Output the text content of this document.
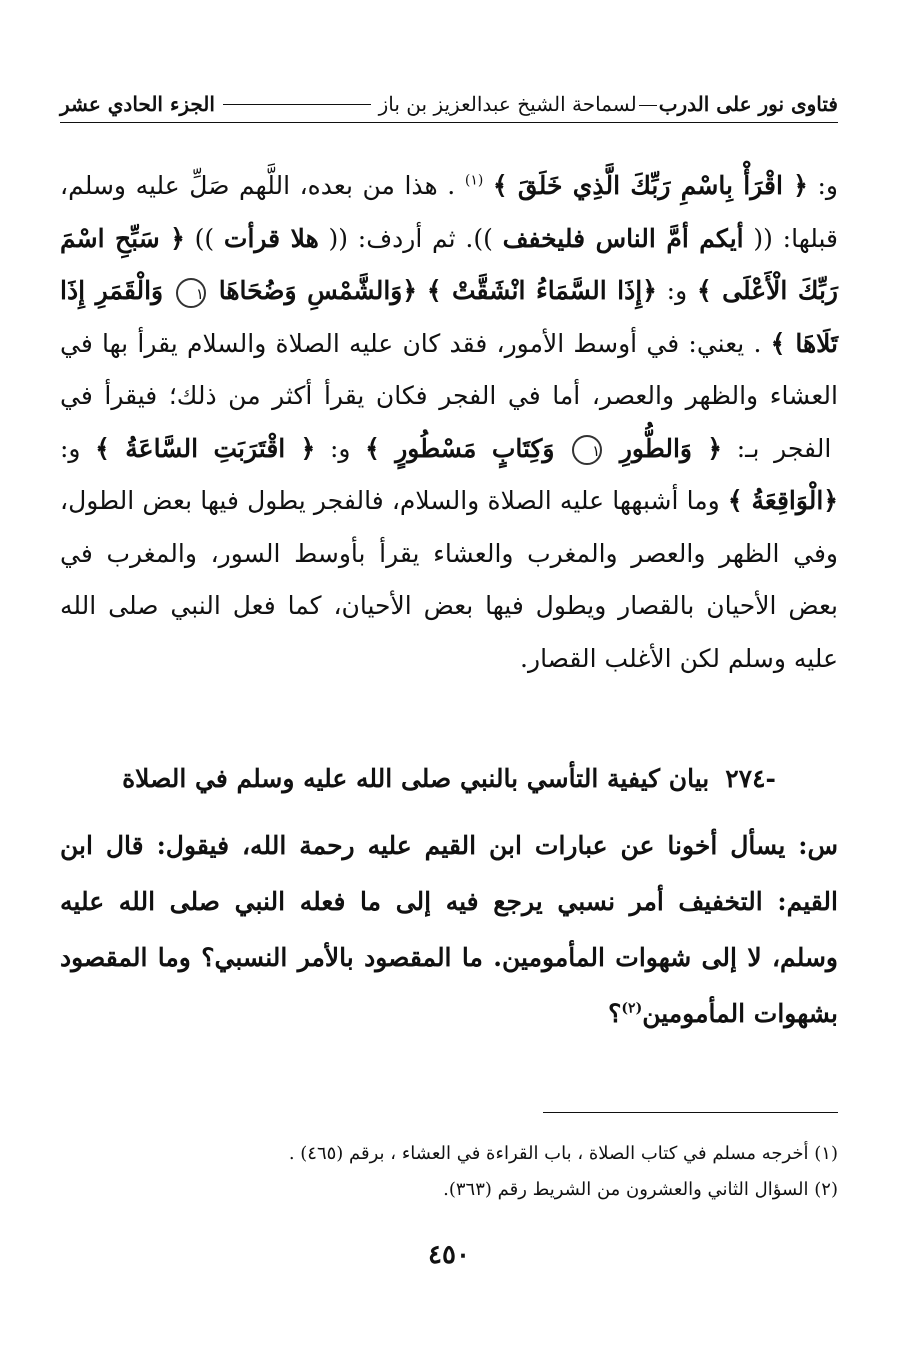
فتاوى نور على الدربلسماحة الشيخ عبدالعزيز بن باز
الجزء الحادي عشر

و: ﴿ اقْرَأْ بِاسْمِ رَبِّكَ الَّذِي خَلَقَ ﴾ $^{(١)}$ . هذا من بعده، اللَّهم صَلِّ عليه وسلم، قبلها: (( أيكم أمَّ الناس فليخفف )). ثم أردف: (( هلا قرأت )) ﴿ سَبِّحِ اسْمَ رَبِّكَ الْأَعْلَى ﴾ و: ﴿إِذَا السَّمَاءُ انْشَقَّتْ ﴾ ﴿وَالشَّمْسِ وَضُحَاهَا ١ وَالْقَمَرِ إِذَا تَلَاهَا ﴾ . يعني: في أوسط الأمور، فقد كان عليه الصلاة والسلام يقرأ بها في العشاء والظهر والعصر، أما في الفجر فكان يقرأ أكثر من ذلك؛ فيقرأ في الفجر بـ: ﴿ وَالطُّورِ ١ وَكِتَابٍ مَسْطُورٍ ﴾ و: ﴿ اقْتَرَبَتِ السَّاعَةُ ﴾ و: ﴿الْوَاقِعَةُ ﴾ وما أشبهها عليه الصلاة والسلام، فالفجر يطول فيها بعض الطول، وفي الظهر والعصر والمغرب والعشاء يقرأ بأوسط السور، والمغرب في بعض الأحيان بالقصار ويطول فيها بعض الأحيان، كما فعل النبي صلى الله عليه وسلم لكن الأغلب القصار.

-٢٧٤
بيان كيفية التأسي بالنبي صلى الله عليه وسلم في الصلاة

س: يسأل أخونا عن عبارات ابن القيم عليه رحمة الله، فيقول: قال ابن القيم: التخفيف أمر نسبي يرجع فيه إلى ما فعله النبي صلى الله عليه وسلم، لا إلى شهوات المأمومين. ما المقصود بالأمر النسبي؟ وما المقصود بشهوات المأمومين$^{(٢)}$؟

(١) أخرجه مسلم في كتاب الصلاة ، باب القراءة في العشاء ، برقم (٤٦٥) .

(٢) السؤال الثاني والعشرون من الشريط رقم (٣٦٣).

٤٥٠
